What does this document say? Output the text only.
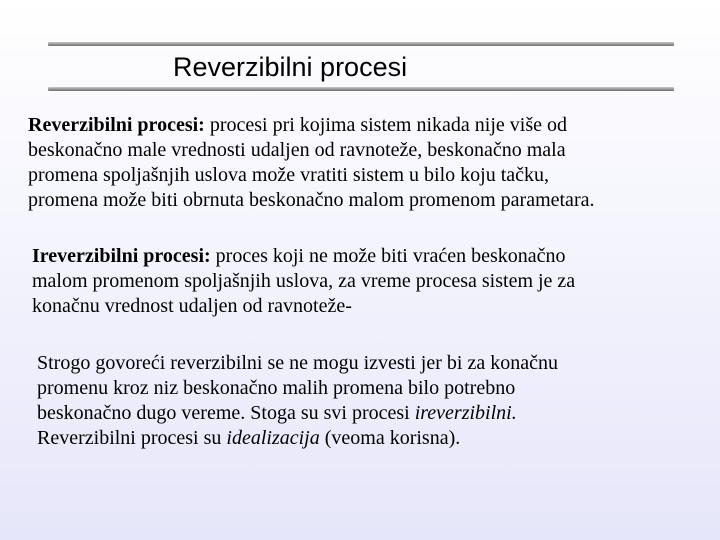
Reverzibilni procesi
Reverzibilni procesi: procesi pri kojima sistem nikada nije više od
beskonačno male vrednosti udaljen od ravnoteže, beskonačno mala
promena spoljašnjih uslova može vratiti sistem u bilo koju tačku,
promena može biti obrnuta beskonačno malom promenom parametara.
Ireverzibilni procesi: proces koji ne može biti vraćen beskonačno
malom promenom spoljašnjih uslova, za vreme procesa sistem je za
konačnu vrednost udaljen od ravnoteže-
Strogo govoreći reverzibilni se ne mogu izvesti jer bi za konačnu
promenu kroz niz beskonačno malih promena bilo potrebno
beskonačno dugo vereme. Stoga su svi procesi ireverzibilni.
Reverzibilni procesi su idealizacija (veoma korisna).
